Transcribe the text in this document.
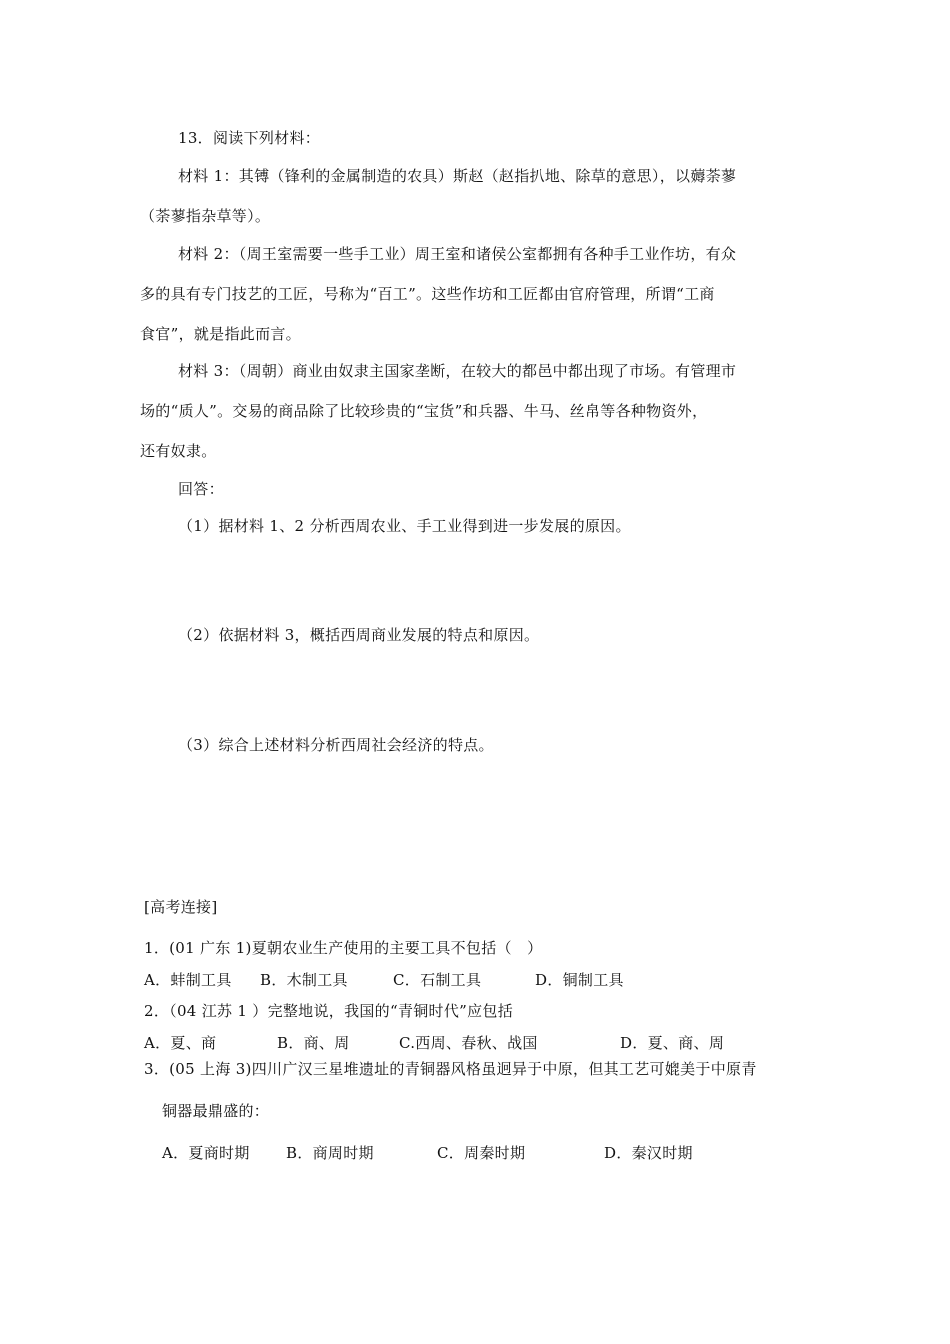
13．阅读下列材料：
材料 1：其镈（锋利的金属制造的农具）斯赵（赵指扒地、除草的意思），以薅荼蓼
（荼蓼指杂草等）。
材料 2：（周王室需要一些手工业）周王室和诸侯公室都拥有各种手工业作坊，有众
多的具有专门技艺的工匠，号称为“百工”。这些作坊和工匠都由官府管理，所谓“工商
食官”，就是指此而言。
材料 3：（周朝）商业由奴隶主国家垄断，在较大的都邑中都出现了市场。有管理市
场的“质人”。交易的商品除了比较珍贵的“宝货”和兵器、牛马、丝帛等各种物资外，
还有奴隶。
回答：
（1）据材料 1、2 分析西周农业、手工业得到进一步发展的原因。
（2）依据材料 3，概括西周商业发展的特点和原因。
（3）综合上述材料分析西周社会经济的特点。
[高考连接]
1．(01 广东 1)夏朝农业生产使用的主要工具不包括（　）
A．蚌制工具 B．木制工具	C．石制工具	D．铜制工具
2．（04 江苏 1 ）完整地说，我国的“青铜时代”应包括
A．夏、商	B．商、周	C.西周、春秋、战国	D．夏、商、周
3．(05 上海 3)四川广汉三星堆遗址的青铜器风格虽迥异于中原，但其工艺可媲美于中原青
铜器最鼎盛的：
A．夏商时期 B．商周时期	C．周秦时期	D．秦汉时期
